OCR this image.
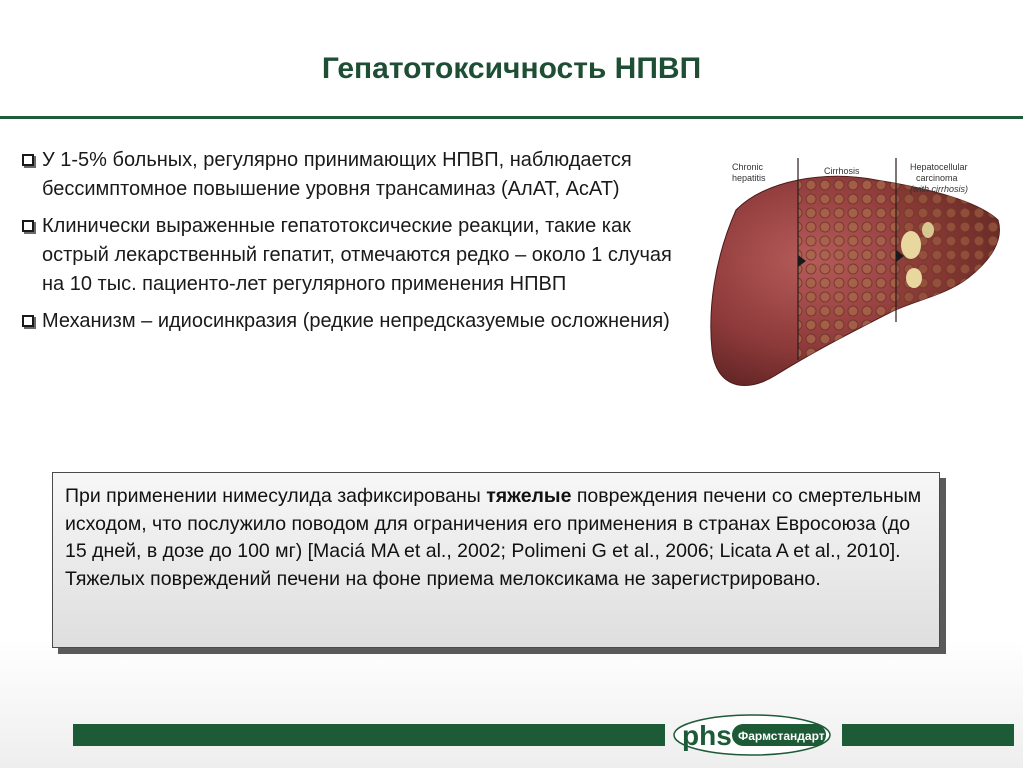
Гепатотоксичность НПВП
У 1-5% больных, регулярно принимающих НПВП, наблюдается бессимптомное повышение уровня трансаминаз (АлАТ, АсАТ)
Клинически выраженные гепатотоксические реакции, такие как острый лекарственный гепатит, отмечаются редко – около 1 случая на 10 тыс. пациенто-лет регулярного применения НПВП
Механизм – идиосинкразия (редкие непредсказуемые осложнения)
Chronic
hepatitis
Cirrhosis	Hepatocellular
carcinoma
(with cirrhosis)

При применении нимесулида зафиксированы тяжелые повреждения печени со смертельным исходом, что послужило поводом для ограничения его применения в странах Евросоюза (до 15 дней, в дозе до 100 мг) [Maciá MA et al., 2002; Polimeni G et al., 2006; Licata A et al., 2010].

Тяжелых повреждений печени на фоне приема мелоксикама не зарегистрировано.

phs Фармстандарт
